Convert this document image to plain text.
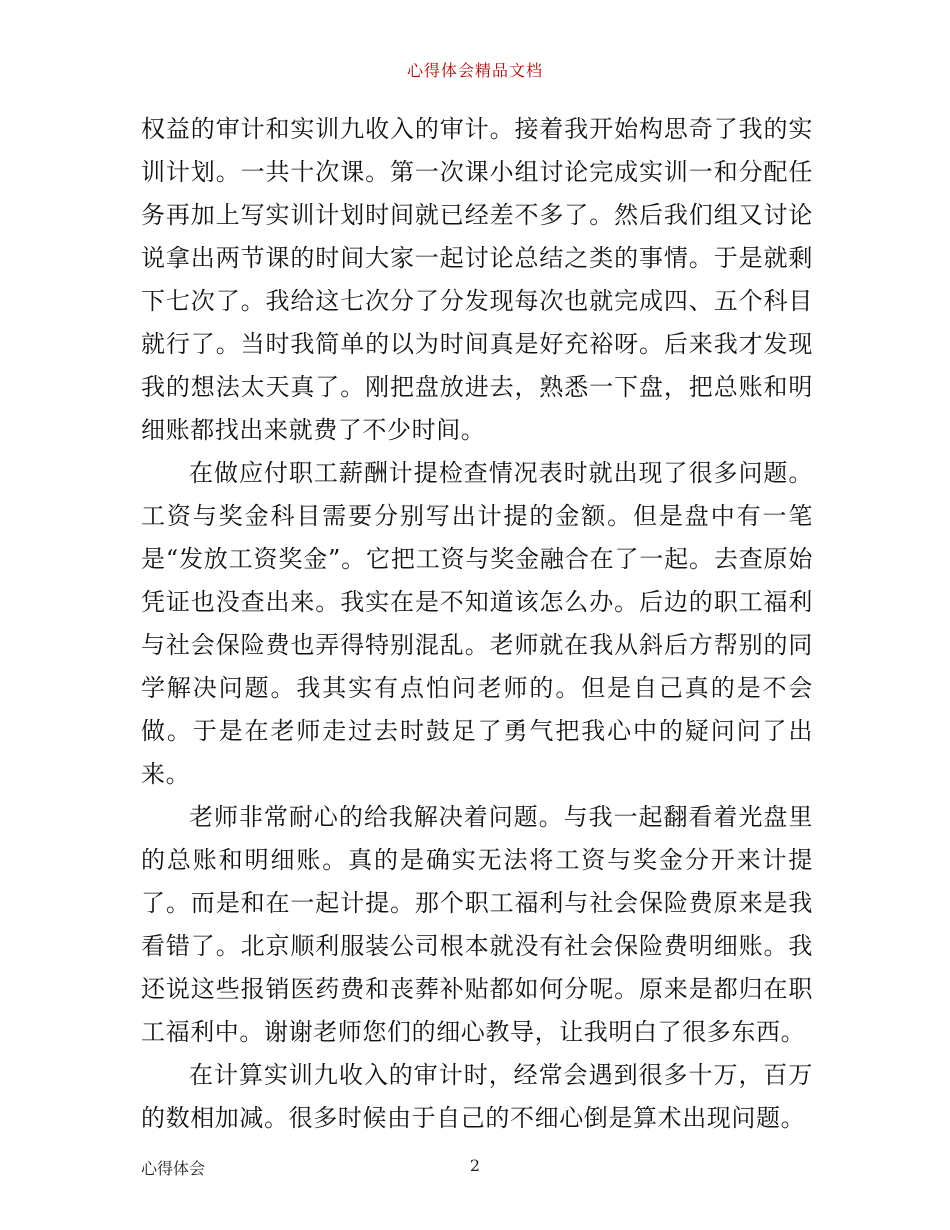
心得体会精品文档

权益的审计和实训九收入的审计。接着我开始构思奇了我的实训计划。一共十次课。第一次课小组讨论完成实训一和分配任务再加上写实训计划时间就已经差不多了。然后我们组又讨论说拿出两节课的时间大家一起讨论总结之类的事情。于是就剩下七次了。我给这七次分了分发现每次也就完成四、五个科目就行了。当时我简单的以为时间真是好充裕呀。后来我才发现我的想法太天真了。刚把盘放进去，熟悉一下盘，把总账和明细账都找出来就费了不少时间。

在做应付职工薪酬计提检查情况表时就出现了很多问题。工资与奖金科目需要分别写出计提的金额。但是盘中有一笔是“发放工资奖金”。它把工资与奖金融合在了一起。去查原始凭证也没查出来。我实在是不知道该怎么办。后边的职工福利与社会保险费也弄得特别混乱。老师就在我从斜后方帮别的同学解决问题。我其实有点怕问老师的。但是自己真的是不会做。于是在老师走过去时鼓足了勇气把我心中的疑问问了出来。

老师非常耐心的给我解决着问题。与我一起翻看着光盘里的总账和明细账。真的是确实无法将工资与奖金分开来计提了。而是和在一起计提。那个职工福利与社会保险费原来是我看错了。北京顺利服装公司根本就没有社会保险费明细账。我还说这些报销医药费和丧葬补贴都如何分呢。原来是都归在职工福利中。谢谢老师您们的细心教导，让我明白了很多东西。

在计算实训九收入的审计时，经常会遇到很多十万，百万的数相加减。很多时候由于自己的不细心倒是算术出现问题。

心得体会	2
